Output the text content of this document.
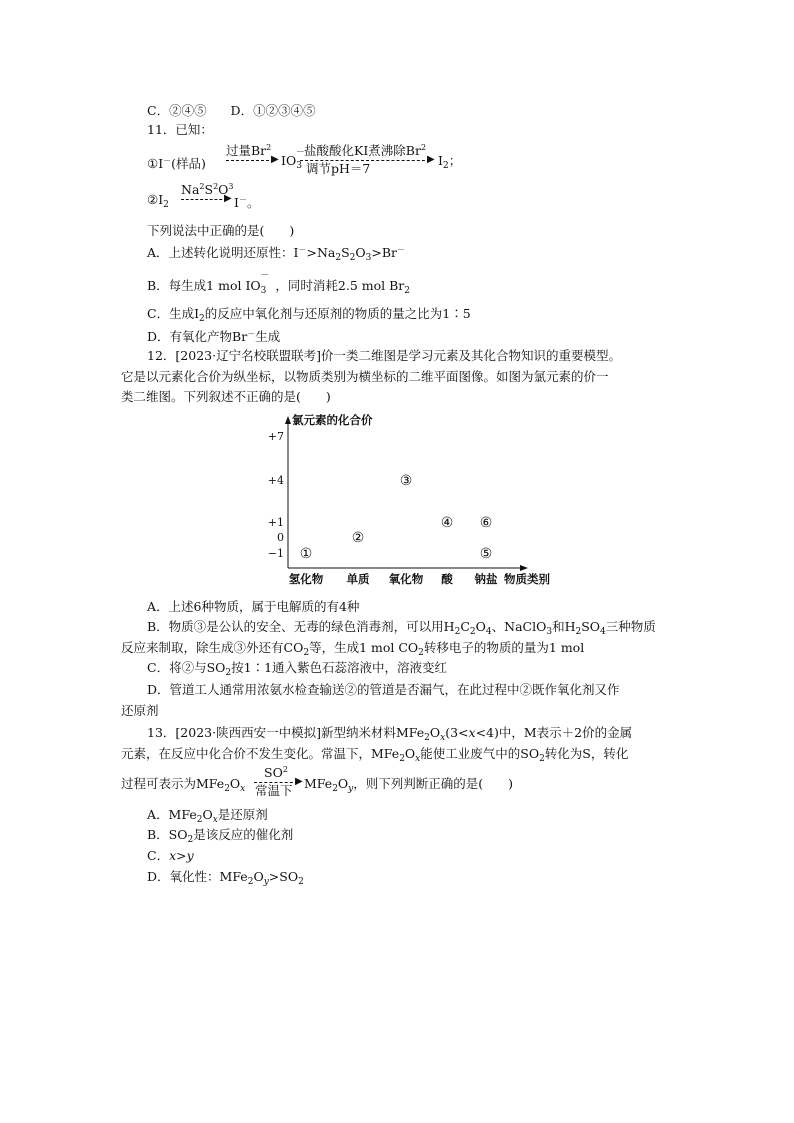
C．②④⑤ D．①②③④⑤
11．已知：
①I－(样品)
过量Br$^2$
▶ $IO_3^-$ 盐酸酸化KI煮沸除Br$^2$
▶
调节pH＝7
$I_2$；
$②I_2$
$Na^2S^2O^3$
▶ I－。
下列说法中正确的是(　　)
A．上述转化说明还原性：$I^->Na_2S_2O_3>Br^-$
B．每生成1 mol $IO_3^-$，同时消耗2.5 mol $Br_2$
C．生成$I_2$的反应中氧化剂与还原剂的物质的量之比为1∶5
D．有氧化产物Br－生成
12．[2023·辽宁名校联盟联考]价一类二维图是学习元素及其化合物知识的重要模型。
它是以元素化合价为纵坐标，以物质类别为横坐标的二维平面图像。如图为氯元素的价一
类二维图。下列叙述不正确的是(　　)
氯元素的化合价
物质类别
+7
+4
+1
0
−1
氢化物 单质 氧化物 酸 钠盐
①
②
③
④ ⑥
⑤
A．上述6种物质，属于电解质的有4种
B．物质③是公认的安全、无毒的绿色消毒剂，可以用$H_2C_2O_4$、NaClO$_3$和$H_2SO_4$三种物质
反应来制取，除生成③外还有$CO_2$等，生成1 mol $CO_2$转移电子的物质的量为1 mol
C．将②与$SO_2$按1∶1通入紫色石蕊溶液中，溶液变红
D．管道工人通常用浓氨水检查输送②的管道是否漏气，在此过程中②既作氧化剂又作
还原剂
13．[2023·陕西西安一中模拟]新型纳米材料$MFe_2O_x(3<x<4)$中，M表示＋2价的金属
元素，在反应中化合价不发生变化。常温下，$MFe_2O_x$能使工业废气中的$SO_2$转化为S，转化
过程可表示为$MFe_2O_x$
$SO^2$
▶
常温下 $MFe_2O_y$，则下列判断正确的是(　　)
A．$MFe_2O_x$是还原剂
B．$SO_2$是该反应的催化剂
C．x>y
D．氧化性：$MFe_2O_y>SO_2$
